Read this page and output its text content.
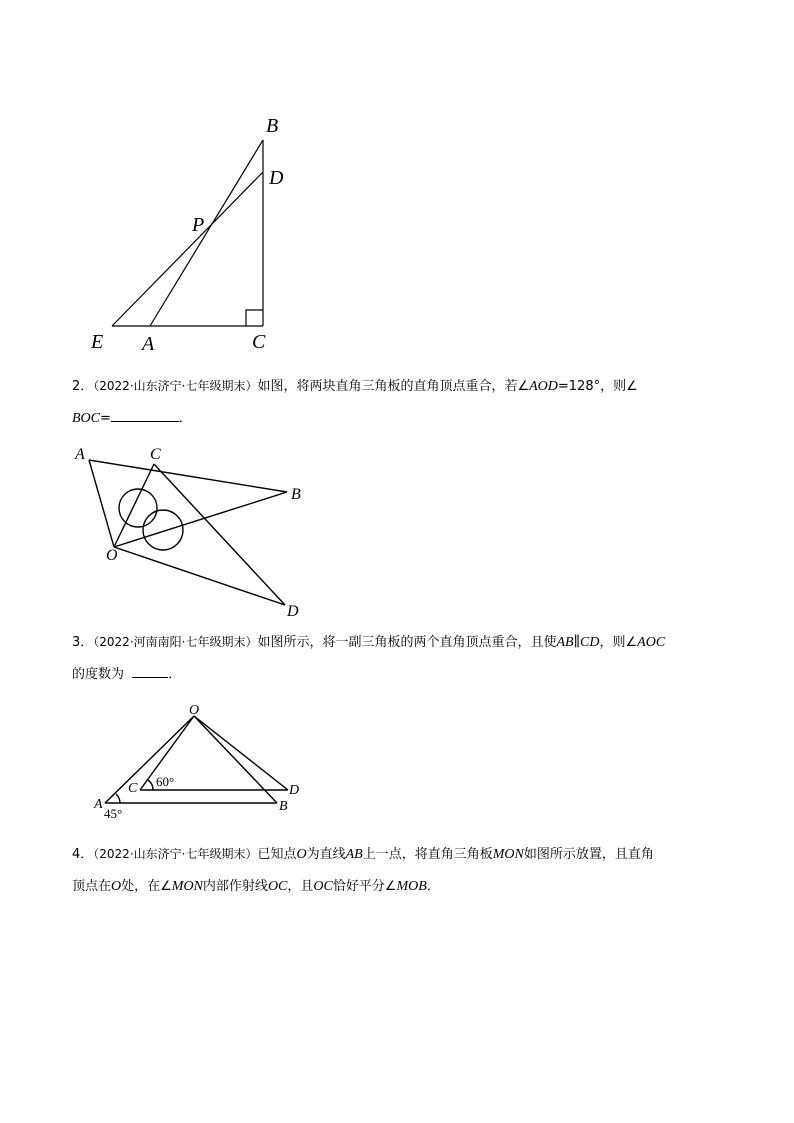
B
D
P
E A	C
2．（2022·山东济宁·七年级期末）如图，将两块直角三角板的直角顶点重合，若∠AOD=128°，则∠
BOC=	．
A	C
B
O
D
3．（2022·河南南阳·七年级期末）如图所示，将一副三角板的两个直角顶点重合，且使AB∥CD，则∠AOC
的度数为	．
O
C 60°
D
A	B
45°
4．（2022·山东济宁·七年级期末）已知点O为直线AB上一点，将直角三角板MON如图所示放置，且直角
顶点在O处，在∠MON内部作射线OC，且OC恰好平分∠MOB．
